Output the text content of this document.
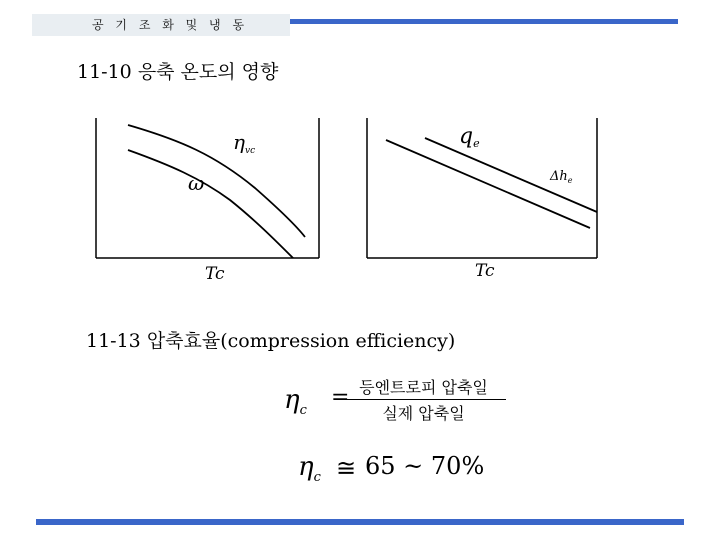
공 기 조 화 및 냉 동
11-10 응축 온도의 영향
$\eta_{vc}$
ω
Tc
qe
$\Delta h_e$
Tc
11-13 압축효율(compression efficiency)
$\eta_c$
= 등엔트로피 압축일
실제 압축일
$\eta_c$ ≅ 65 ~ 70%
